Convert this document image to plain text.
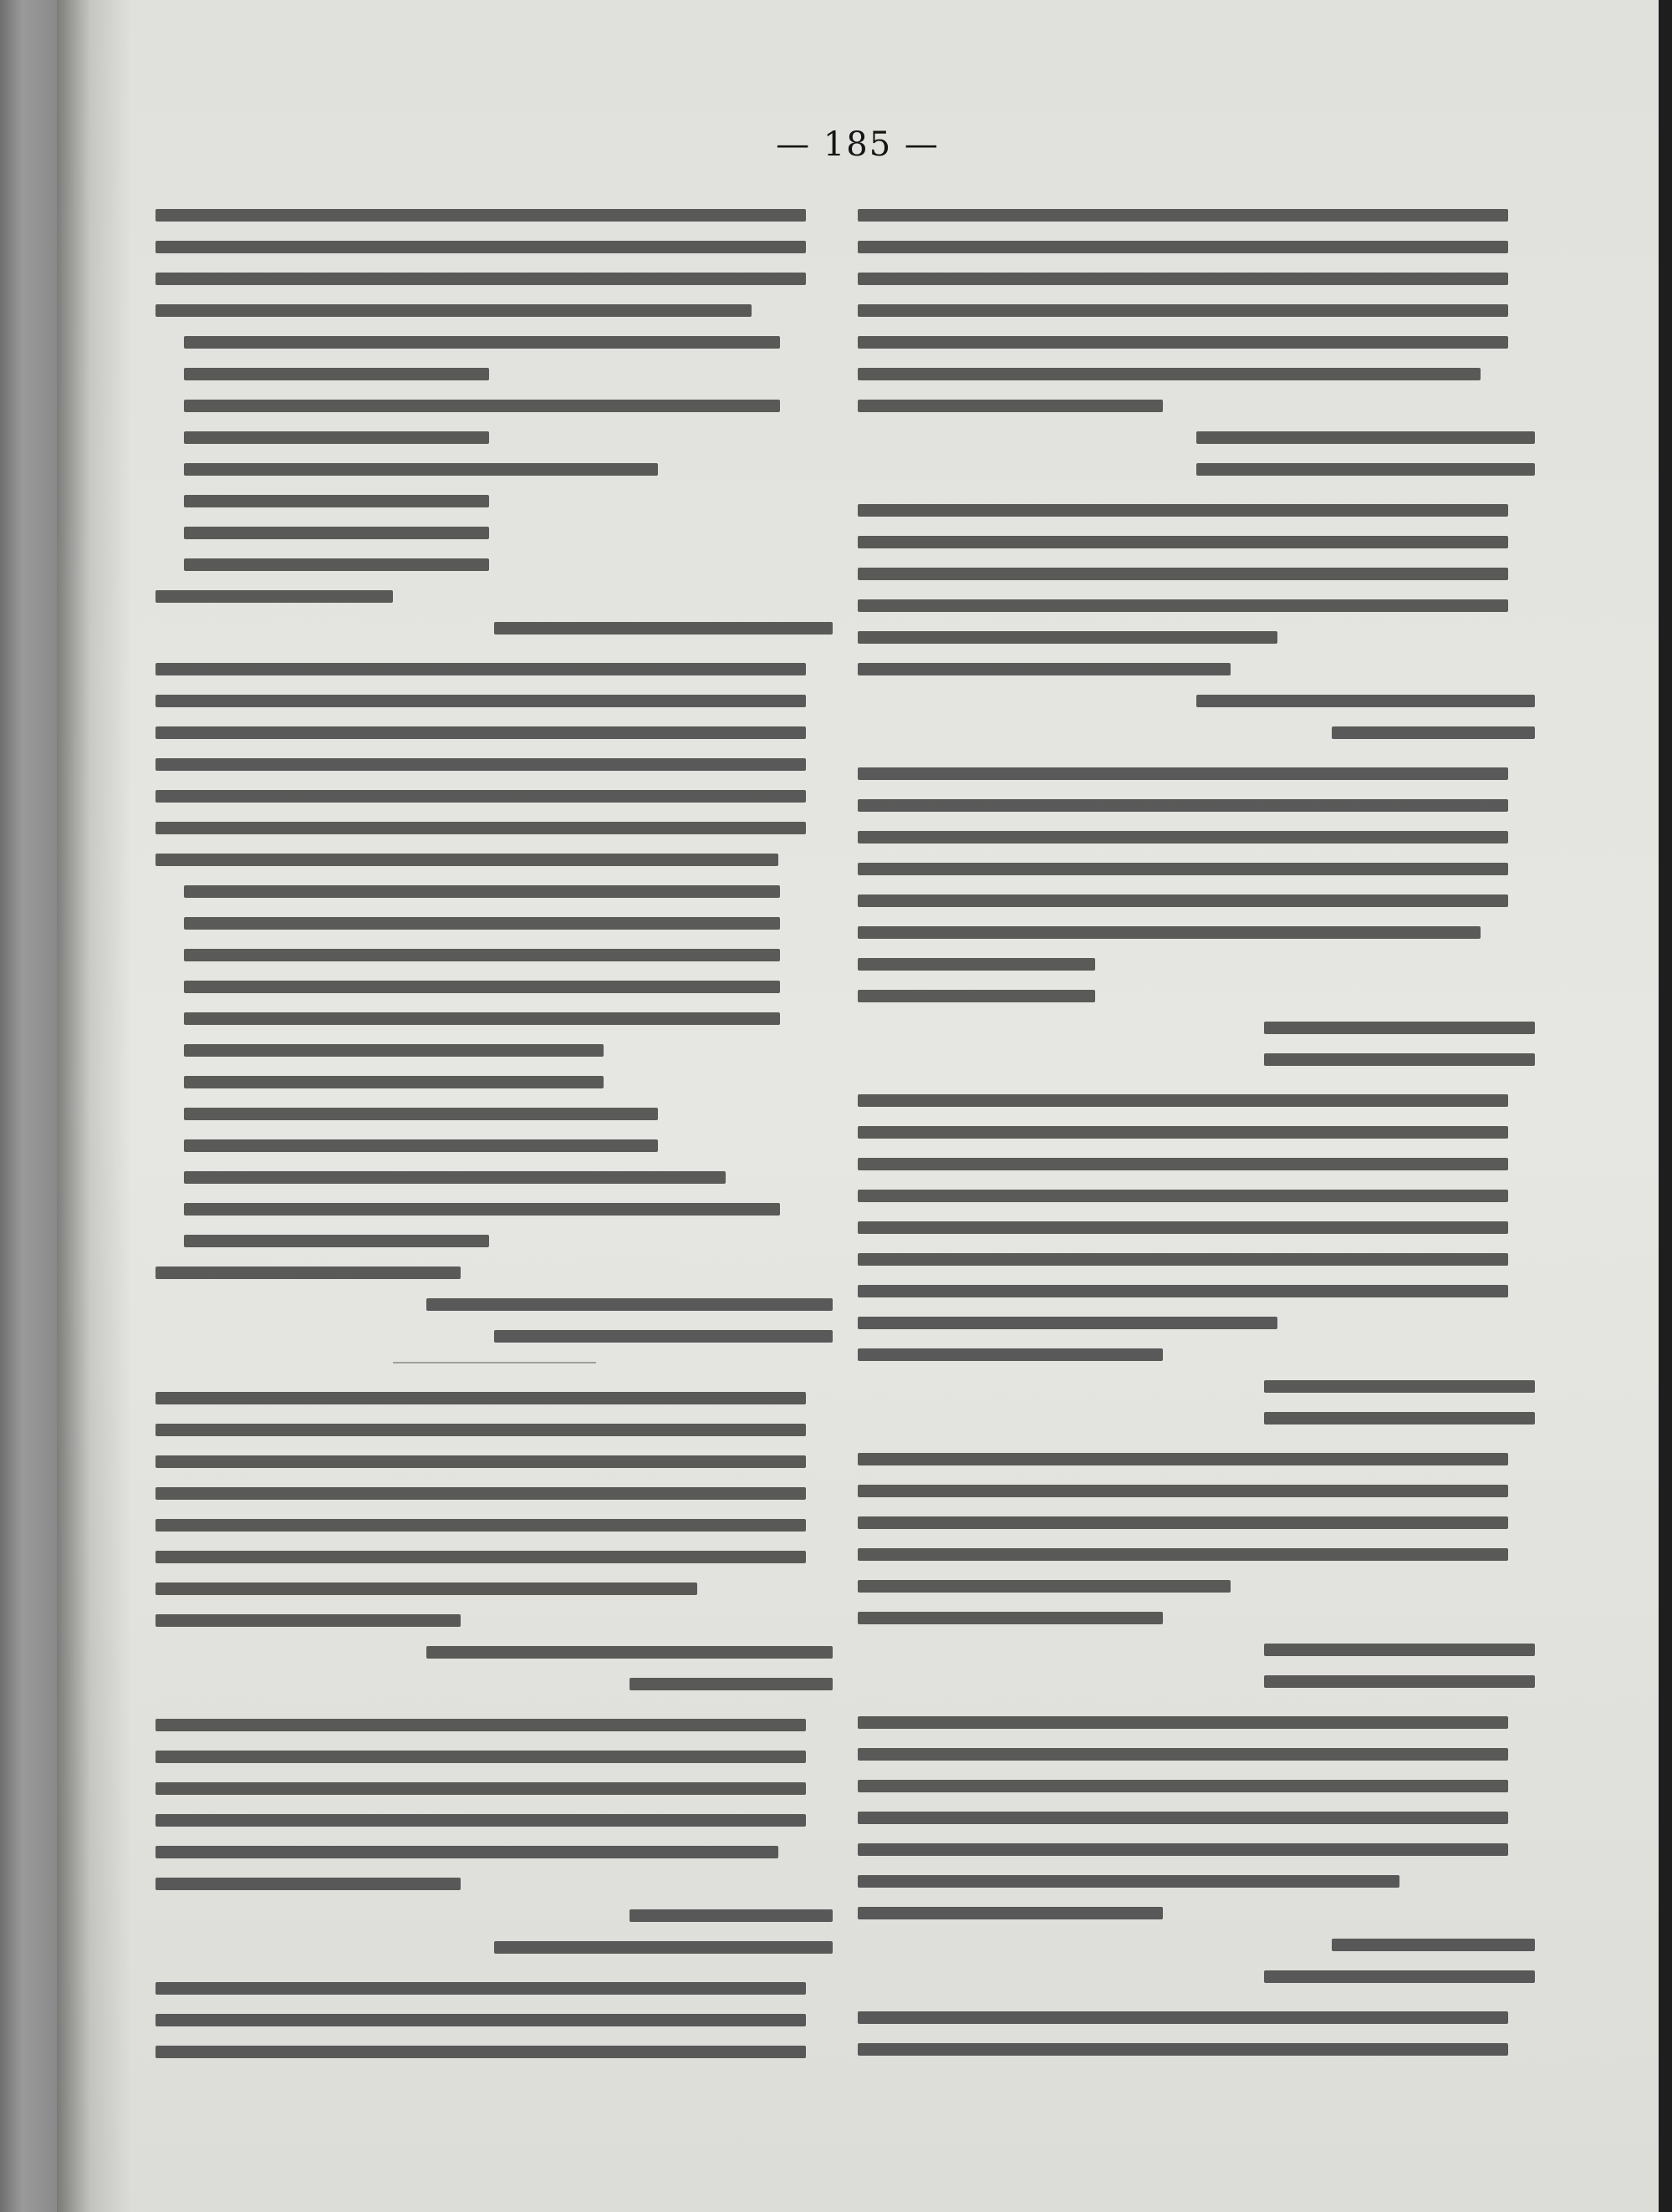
— 185 —
